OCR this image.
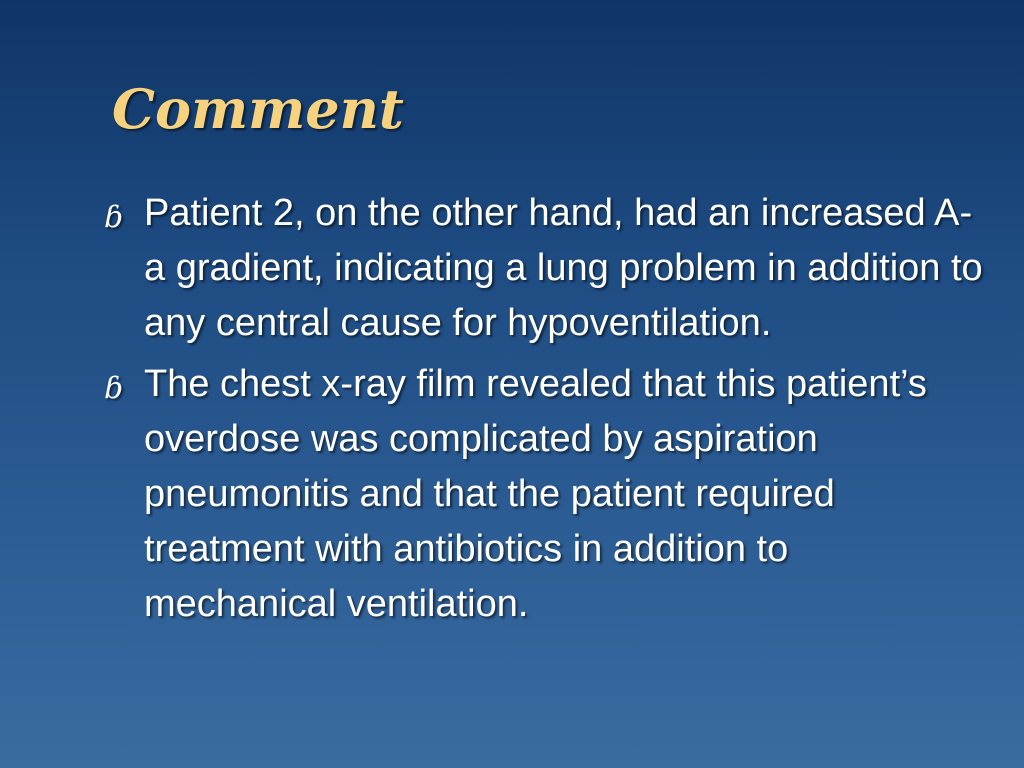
Comment
ɓ Patient 2, on the other hand, had an increased A-a gradient, indicating a lung problem in addition to any central cause for hypoventilation.
ɓ The chest x-ray film revealed that this patient’s overdose was complicated by aspiration pneumonitis and that the patient required treatment with antibiotics in addition to mechanical ventilation.
